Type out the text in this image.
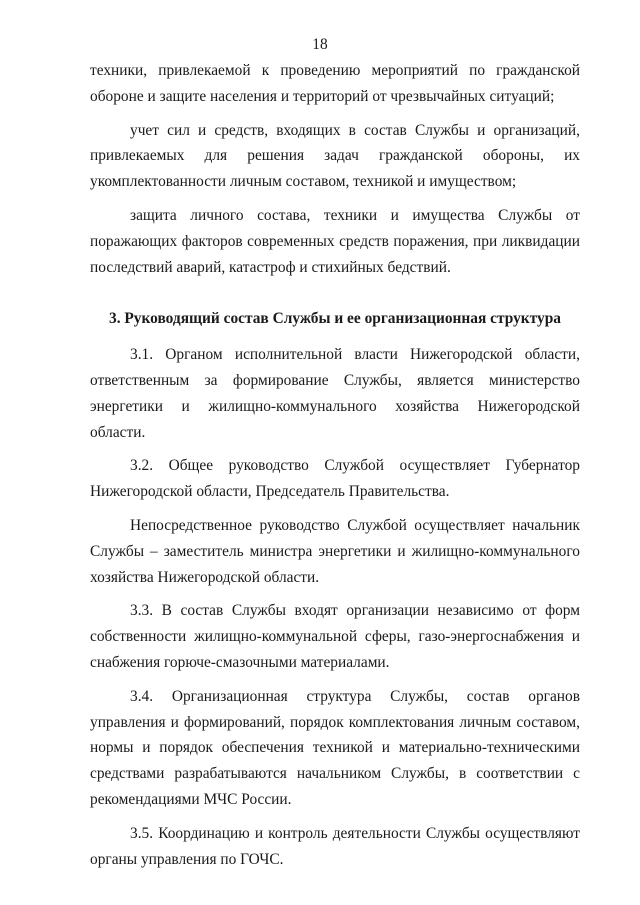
18

техники, привлекаемой к проведению мероприятий по гражданской обороне и защите населения и территорий от чрезвычайных ситуаций;

учет сил и средств, входящих в состав Службы и организаций, привлекаемых для решения задач гражданской обороны, их укомплектованности личным составом, техникой и имуществом;

защита личного состава, техники и имущества Службы от поражающих факторов современных средств поражения, при ликвидации последствий аварий, катастроф и стихийных бедствий.

3. Руководящий состав Службы и ее организационная структура

3.1. Органом исполнительной власти Нижегородской области, ответственным за формирование Службы, является министерство энергетики и жилищно-коммунального хозяйства Нижегородской области.

3.2. Общее руководство Службой осуществляет Губернатор Нижегородской области, Председатель Правительства.

Непосредственное руководство Службой осуществляет начальник Службы – заместитель министра энергетики и жилищно-коммунального хозяйства Нижегородской области.

3.3. В состав Службы входят организации независимо от форм собственности жилищно-коммунальной сферы, газо-энергоснабжения и снабжения горюче-смазочными материалами.

3.4. Организационная структура Службы, состав органов управления и формирований, порядок комплектования личным составом, нормы и порядок обеспечения техникой и материально-техническими средствами разрабатываются начальником Службы, в соответствии с рекомендациями МЧС России.

3.5. Координацию и контроль деятельности Службы осуществляют органы управления по ГОЧС.
